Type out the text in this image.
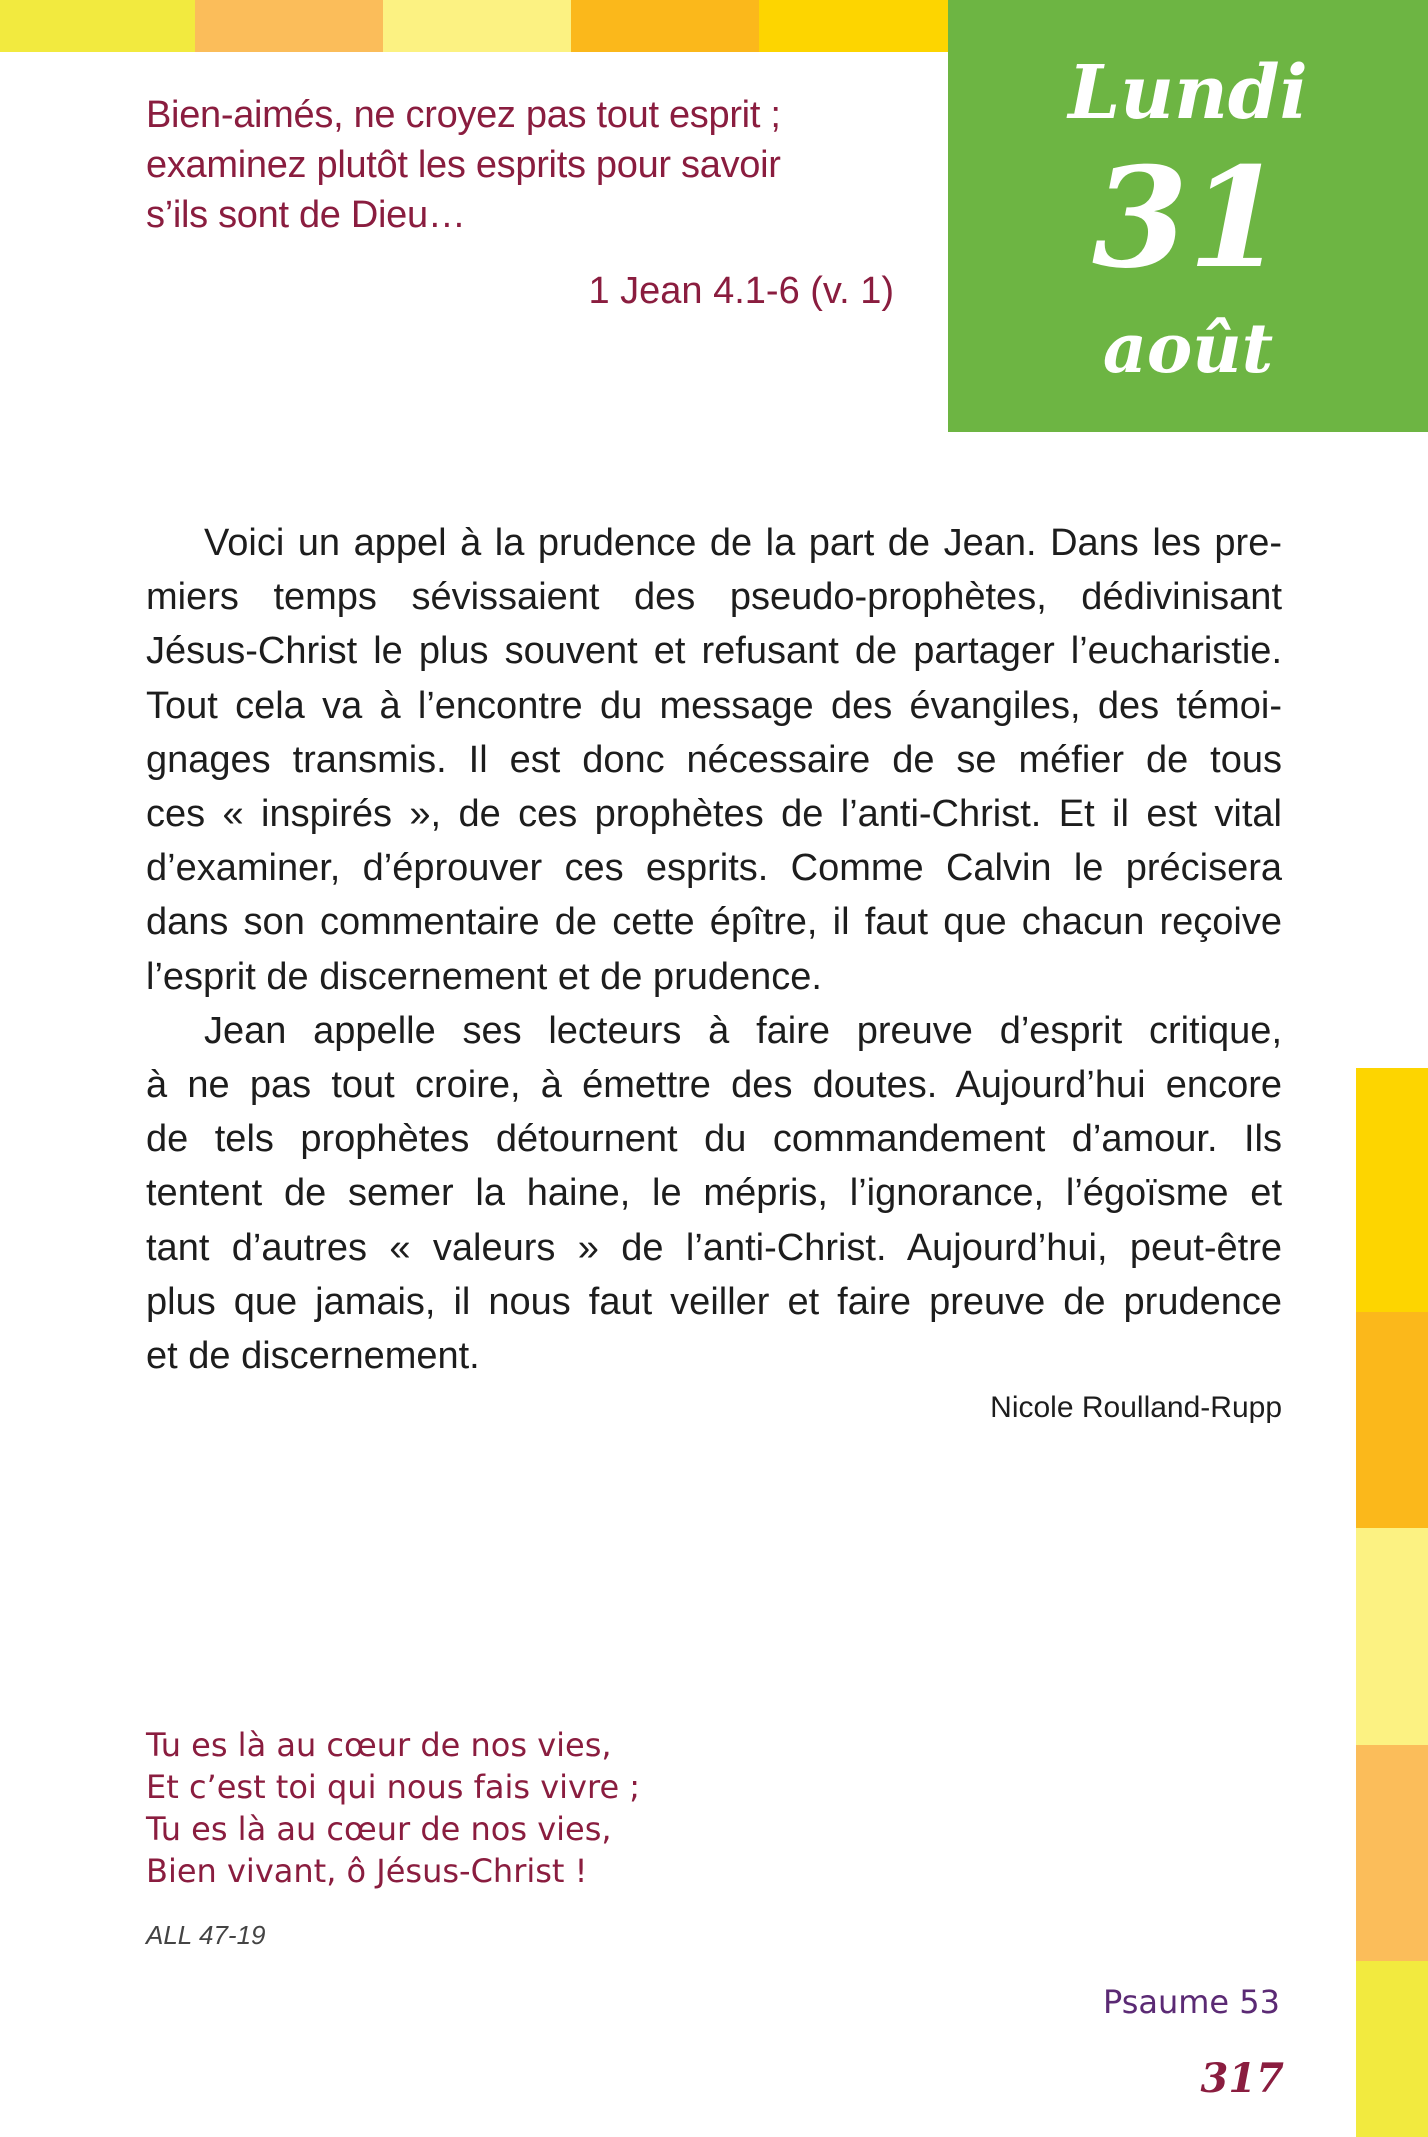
Lundi
31
août
Bien-aimés, ne croyez pas tout esprit ;
examinez plutôt les esprits pour savoir
s’ils sont de Dieu…
1 Jean 4.1-6 (v. 1)
Voici un appel à la prudence de la part de Jean. Dans les pre-
miers temps sévissaient des pseudo-prophètes, dédivinisant
Jésus-Christ le plus souvent et refusant de partager l’eucharistie.
Tout cela va à l’encontre du message des évangiles, des témoi-
gnages transmis. Il est donc nécessaire de se méfier de tous
ces « inspirés », de ces prophètes de l’anti-Christ. Et il est vital
d’examiner, d’éprouver ces esprits. Comme Calvin le précisera
dans son commentaire de cette épître, il faut que chacun reçoive
l’esprit de discernement et de prudence.
Jean appelle ses lecteurs à faire preuve d’esprit critique,
à ne pas tout croire, à émettre des doutes. Aujourd’hui encore
de tels prophètes détournent du commandement d’amour. Ils
tentent de semer la haine, le mépris, l’ignorance, l’égoïsme et
tant d’autres « valeurs » de l’anti-Christ. Aujourd’hui, peut-être
plus que jamais, il nous faut veiller et faire preuve de prudence
et de discernement.
Nicole Roulland-Rupp
Tu es là au cœur de nos vies,
Et c’est toi qui nous fais vivre ;
Tu es là au cœur de nos vies,
Bien vivant, ô Jésus-Christ !
ALL 47-19
Psaume 53
317
